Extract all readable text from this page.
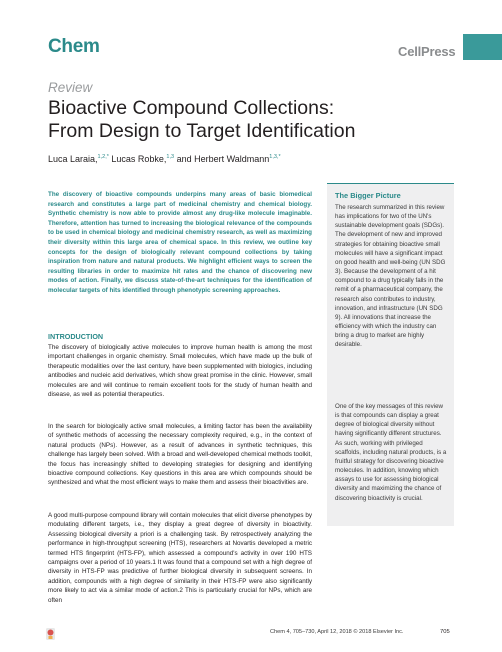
Chem	CellPress
Review
Bioactive Compound Collections:
From Design to Target Identification
Luca Laraia,$^{1,2,*}$ Lucas Robke,$^{1,3}$ and Herbert Waldmann$^{1,3,*}$
The discovery of bioactive compounds underpins many areas of basic biomedical research and constitutes a large part of medicinal chemistry and chemical biology. Synthetic chemistry is now able to provide almost any drug-like molecule imaginable. Therefore, attention has turned to increasing the biological relevance of the compounds to be used in chemical biology and medicinal chemistry research, as well as maximizing their diversity within this large area of chemical space. In this review, we outline key concepts for the design of biologically relevant compound collections by taking inspiration from nature and natural products. We highlight efficient ways to screen the resulting libraries in order to maximize hit rates and the chance of discovering new modes of action. Finally, we discuss state-of-the-art techniques for the identification of molecular targets of hits identified through phenotypic screening approaches.
The Bigger Picture
The research summarized in this review has implications for two of the UN's sustainable development goals (SDGs). The development of new and improved strategies for obtaining bioactive small molecules will have a significant impact on good health and well-being (UN SDG 3). Because the development of a hit compound to a drug typically falls in the remit of a pharmaceutical company, the research also contributes to industry, innovation, and infrastructure (UN SDG 9). All innovations that increase the efficiency with which the industry can bring a drug to market are highly desirable.
One of the key messages of this review is that compounds can display a great degree of biological diversity without having significantly different structures. As such, working with privileged scaffolds, including natural products, is a fruitful strategy for discovering bioactive molecules. In addition, knowing which assays to use for assessing biological diversity and maximizing the chance of discovering bioactivity is crucial.
INTRODUCTION
The discovery of biologically active molecules to improve human health is among the most important challenges in organic chemistry. Small molecules, which have made up the bulk of therapeutic modalities over the last century, have been supplemented with biologics, including antibodies and nucleic acid derivatives, which show great promise in the clinic. However, small molecules are and will continue to remain excellent tools for the study of human health and disease, as well as potential therapeutics.
In the search for biologically active small molecules, a limiting factor has been the availability of synthetic methods of accessing the necessary complexity required, e.g., in the context of natural products (NPs). However, as a result of advances in synthetic techniques, this challenge has largely been solved. With a broad and well-developed chemical methods toolkit, the focus has increasingly shifted to developing strategies for designing and identifying bioactive compound collections. Key questions in this area are which compounds should be synthesized and what the most efficient ways to make them and assess their bioactivities are.
A good multi-purpose compound library will contain molecules that elicit diverse phenotypes by modulating different targets, i.e., they display a great degree of diversity in bioactivity. Assessing biological diversity a priori is a challenging task. By retrospectively analyzing the performance in high-throughput screening (HTS), researchers at Novartis developed a metric termed HTS fingerprint (HTS-FP), which assessed a compound's activity in over 190 HTS campaigns over a period of 10 years.1 It was found that a compound set with a high degree of diversity in HTS-FP was predictive of further biological diversity in subsequent screens. In addition, compounds with a high degree of similarity in their HTS-FP were also significantly more likely to act via a similar mode of action.2 This is particularly crucial for NPs, which are often
Chem 4, 705–730, April 12, 2018 © 2018 Elsevier Inc.	705
